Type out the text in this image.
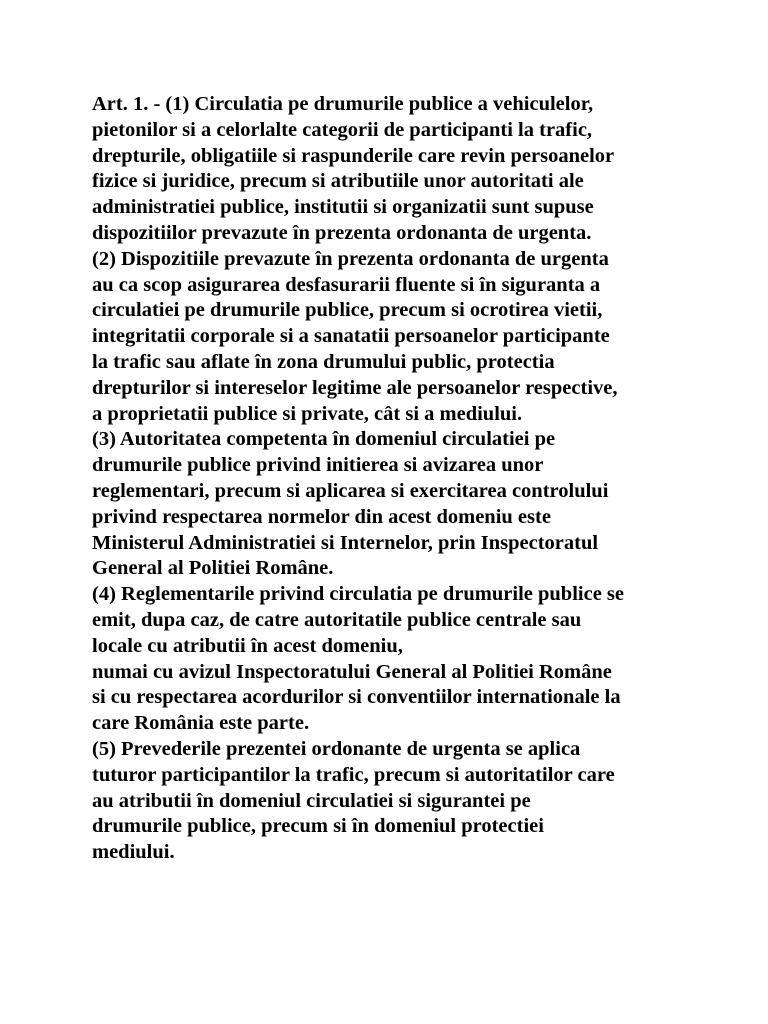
Art. 1. - (1) Circulatia pe drumurile publice a vehiculelor,

pietonilor si a celorlalte categorii de participanti la trafic,

drepturile, obligatiile si raspunderile care revin persoanelor

fizice si juridice, precum si atributiile unor autoritati ale

administratiei publice, institutii si organizatii sunt supuse

dispozitiilor prevazute în prezenta ordonanta de urgenta.

(2) Dispozitiile prevazute în prezenta ordonanta de urgenta

au ca scop asigurarea desfasurarii fluente si în siguranta a

circulatiei pe drumurile publice, precum si ocrotirea vietii,

integritatii corporale si a sanatatii persoanelor participante

la trafic sau aflate în zona drumului public, protectia

drepturilor si intereselor legitime ale persoanelor respective,

a proprietatii publice si private, cât si a mediului.

(3) Autoritatea competenta în domeniul circulatiei pe

drumurile publice privind initierea si avizarea unor

reglementari, precum si aplicarea si exercitarea controlului

privind respectarea normelor din acest domeniu este

Ministerul Administratiei si Internelor, prin Inspectoratul

General al Politiei Române.

(4) Reglementarile privind circulatia pe drumurile publice se

emit, dupa caz, de catre autoritatile publice centrale sau

locale cu atributii în acest domeniu,

numai cu avizul Inspectoratului General al Politiei Române

si cu respectarea acordurilor si conventiilor internationale la

care România este parte.

(5) Prevederile prezentei ordonante de urgenta se aplica

tuturor participantilor la trafic, precum si autoritatilor care

au atributii în domeniul circulatiei si sigurantei pe

drumurile publice, precum si în domeniul protectiei

mediului.
